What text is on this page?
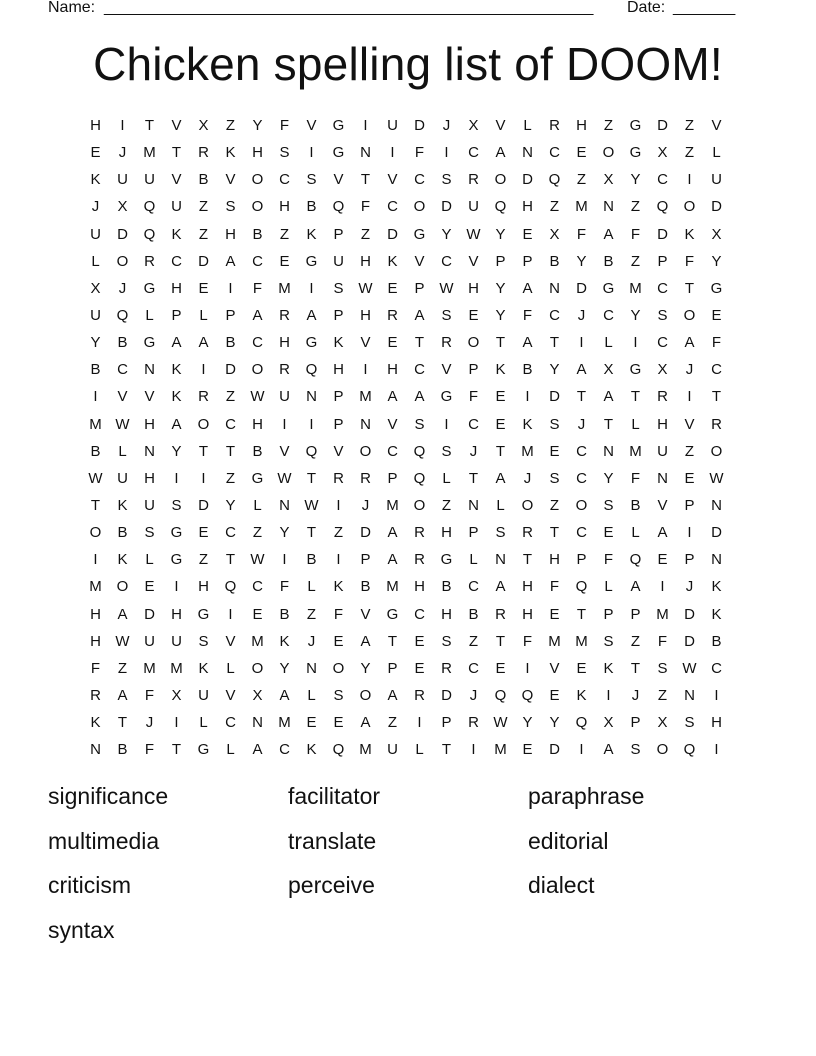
Name: _______________________________________________________ Date: _______
Chicken spelling list of DOOM!
H	I	T	V	X	Z	Y	F	V	G	I	U	D	J	X	V	L	R	H	Z	G	D	Z	V
E	J	M	T	R	K	H	S	I	G	N	I	F	I	C	A	N	C	E	O	G	X	Z	L
K	U	U	V	B	V	O	C	S	V	T	V	C	S	R	O	D	Q	Z	X	Y	C	I	U
J	X	Q	U	Z	S	O	H	B	Q	F	C	O	D	U	Q	H	Z	M	N	Z	Q	O	D
U	D	Q	K	Z	H	B	Z	K	P	Z	D	G	Y W Y	E	X	F	A	F	D	K	X
L	O	R	C	D	A	C	E	G	U	H	K	V	C	V	P	P	B	Y	B	Z	P	F	Y
X	J	G	H	E	I	F	M	I	S W E	P W H	Y	A	N	D	G M	C	T	G
U	Q	L	P	L	P	A	R	A	P	H	R	A	S	E	Y	F	C	J	C	Y	S	O	E
Y	B	G	A	A	B	C	H	G	K	V	E	T	R	O	T	A	T	I	L	I	C	A	F
B	C	N	K	I	D	O	R	Q	H	I	H	C	V	P	K	B	Y	A	X	G	X	J	C
I	V	V	K	R	Z	W U	N	P	M	A	A	G	F	E	I	D	T	A	T	R	I	T
M W H	A	O	C	H	I	I	P	N	V	S	I	C	E	K	S	J	T	L	H	V	R
B	L	N	Y	T	T	B	V	Q	V	O	C	Q	S	J	T	M	E	C	N	M	U	Z	O
W U	H	I	I	Z	G W	T	R	R	P	Q	L	T	A	J	S	C	Y	F	N	E W
T	K	U	S	D	Y	L	N W	I	J	M O	Z	N	L	O	Z	O	S	B	V	P	N
O	B	S	G	E	C	Z	Y	T	Z	D	A	R	H	P	S	R	T	C	E	L	A	I	D
I	K	L	G	Z	T	W	I	B	I	P	A	R	G	L	N	T	H	P	F	Q	E	P	N
M O	E	I	H	Q	C	F	L	K	B	M	H	B	C	A	H	F	Q	L	A	I	J	K
H	A	D	H	G	I	E	B	Z	F	V	G	C	H	B	R	H	E	T	P	P	M	D	K
H W U	U	S	V	M	K	J	E	A	T	E	S	Z	T	F	M M	S	Z	F	D	B
F	Z	M M	K	L	O	Y	N	O	Y	P	E	R	C	E	I	V	E	K	T	S W C
R	A	F	X	U	V	X	A	L	S	O	A	R	D	J	Q	Q	E	K	I	J	Z	N	I
K	T	J	I	L	C	N	M	E	E	A	Z	I	P	R W Y	Y	Q	X	P	X	S	H
N	B	F	T	G	L	A	C	K	Q M	U	L	T	I	M	E	D	I	A	S	O	Q	I
significance	facilitator	paraphrase
multimedia	translate	editorial
criticism	perceive	dialect
syntax
